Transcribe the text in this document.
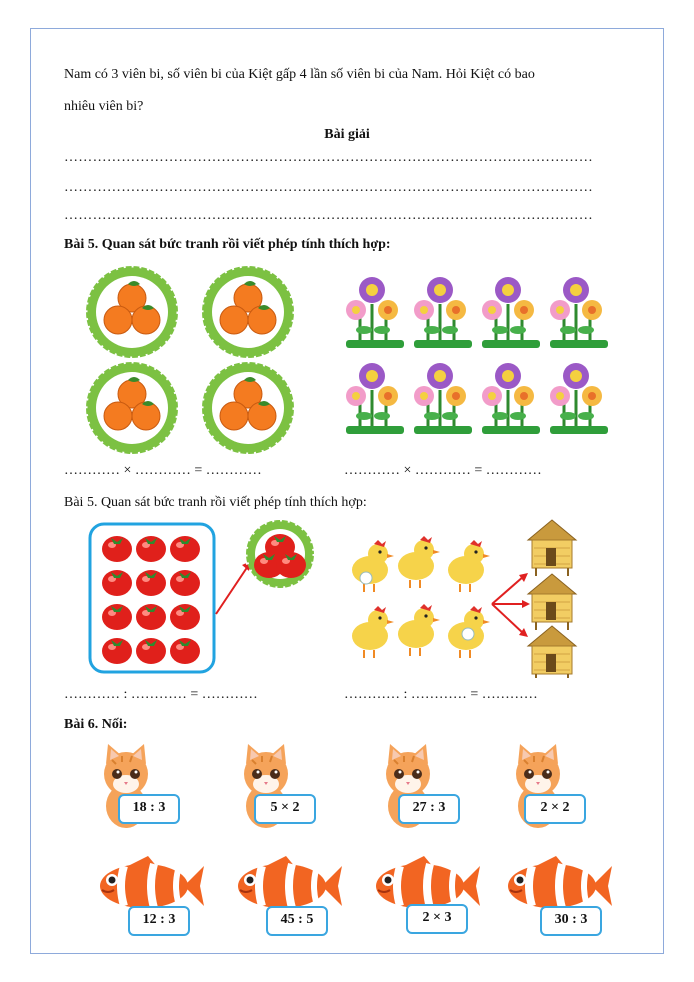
Nam có 3 viên bi, số viên bi của Kiệt gấp 4 lần số viên bi của Nam. Hỏi Kiệt có bao
nhiêu viên bi?
Bài giải
…………………………………………………………………………………………………
…………………………………………………………………………………………………
…………………………………………………………………………………………………
Bài 5. Quan sát bức tranh rồi viết phép tính thích hợp:
………… × ………… = …………	………… × ………… = …………
Bài 5. Quan sát bức tranh rồi viết phép tính thích hợp:
………… : ………… = …………	………… : ………… = …………
Bài 6. Nối:
18 : 3	5 × 2	27 : 3	2 × 2
12 : 3	45 : 5	2 × 3	30 : 3
